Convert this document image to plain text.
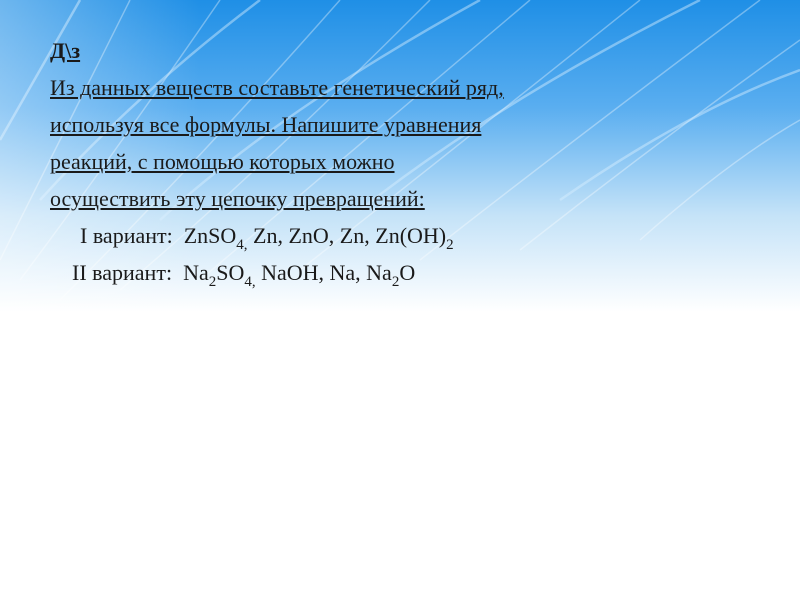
Д\з
Из данных веществ составьте генетический ряд,
используя все формулы. Напишите уравнения
реакций, с помощью которых можно
осуществить эту цепочку превращений:
I вариант: ZnSO$_{4,}$ Zn, ZnO, Zn, $Zn(OH)_2$
II вариант: $Na_2SO_{4,}$ NaOH, Na, $Na_2O$
